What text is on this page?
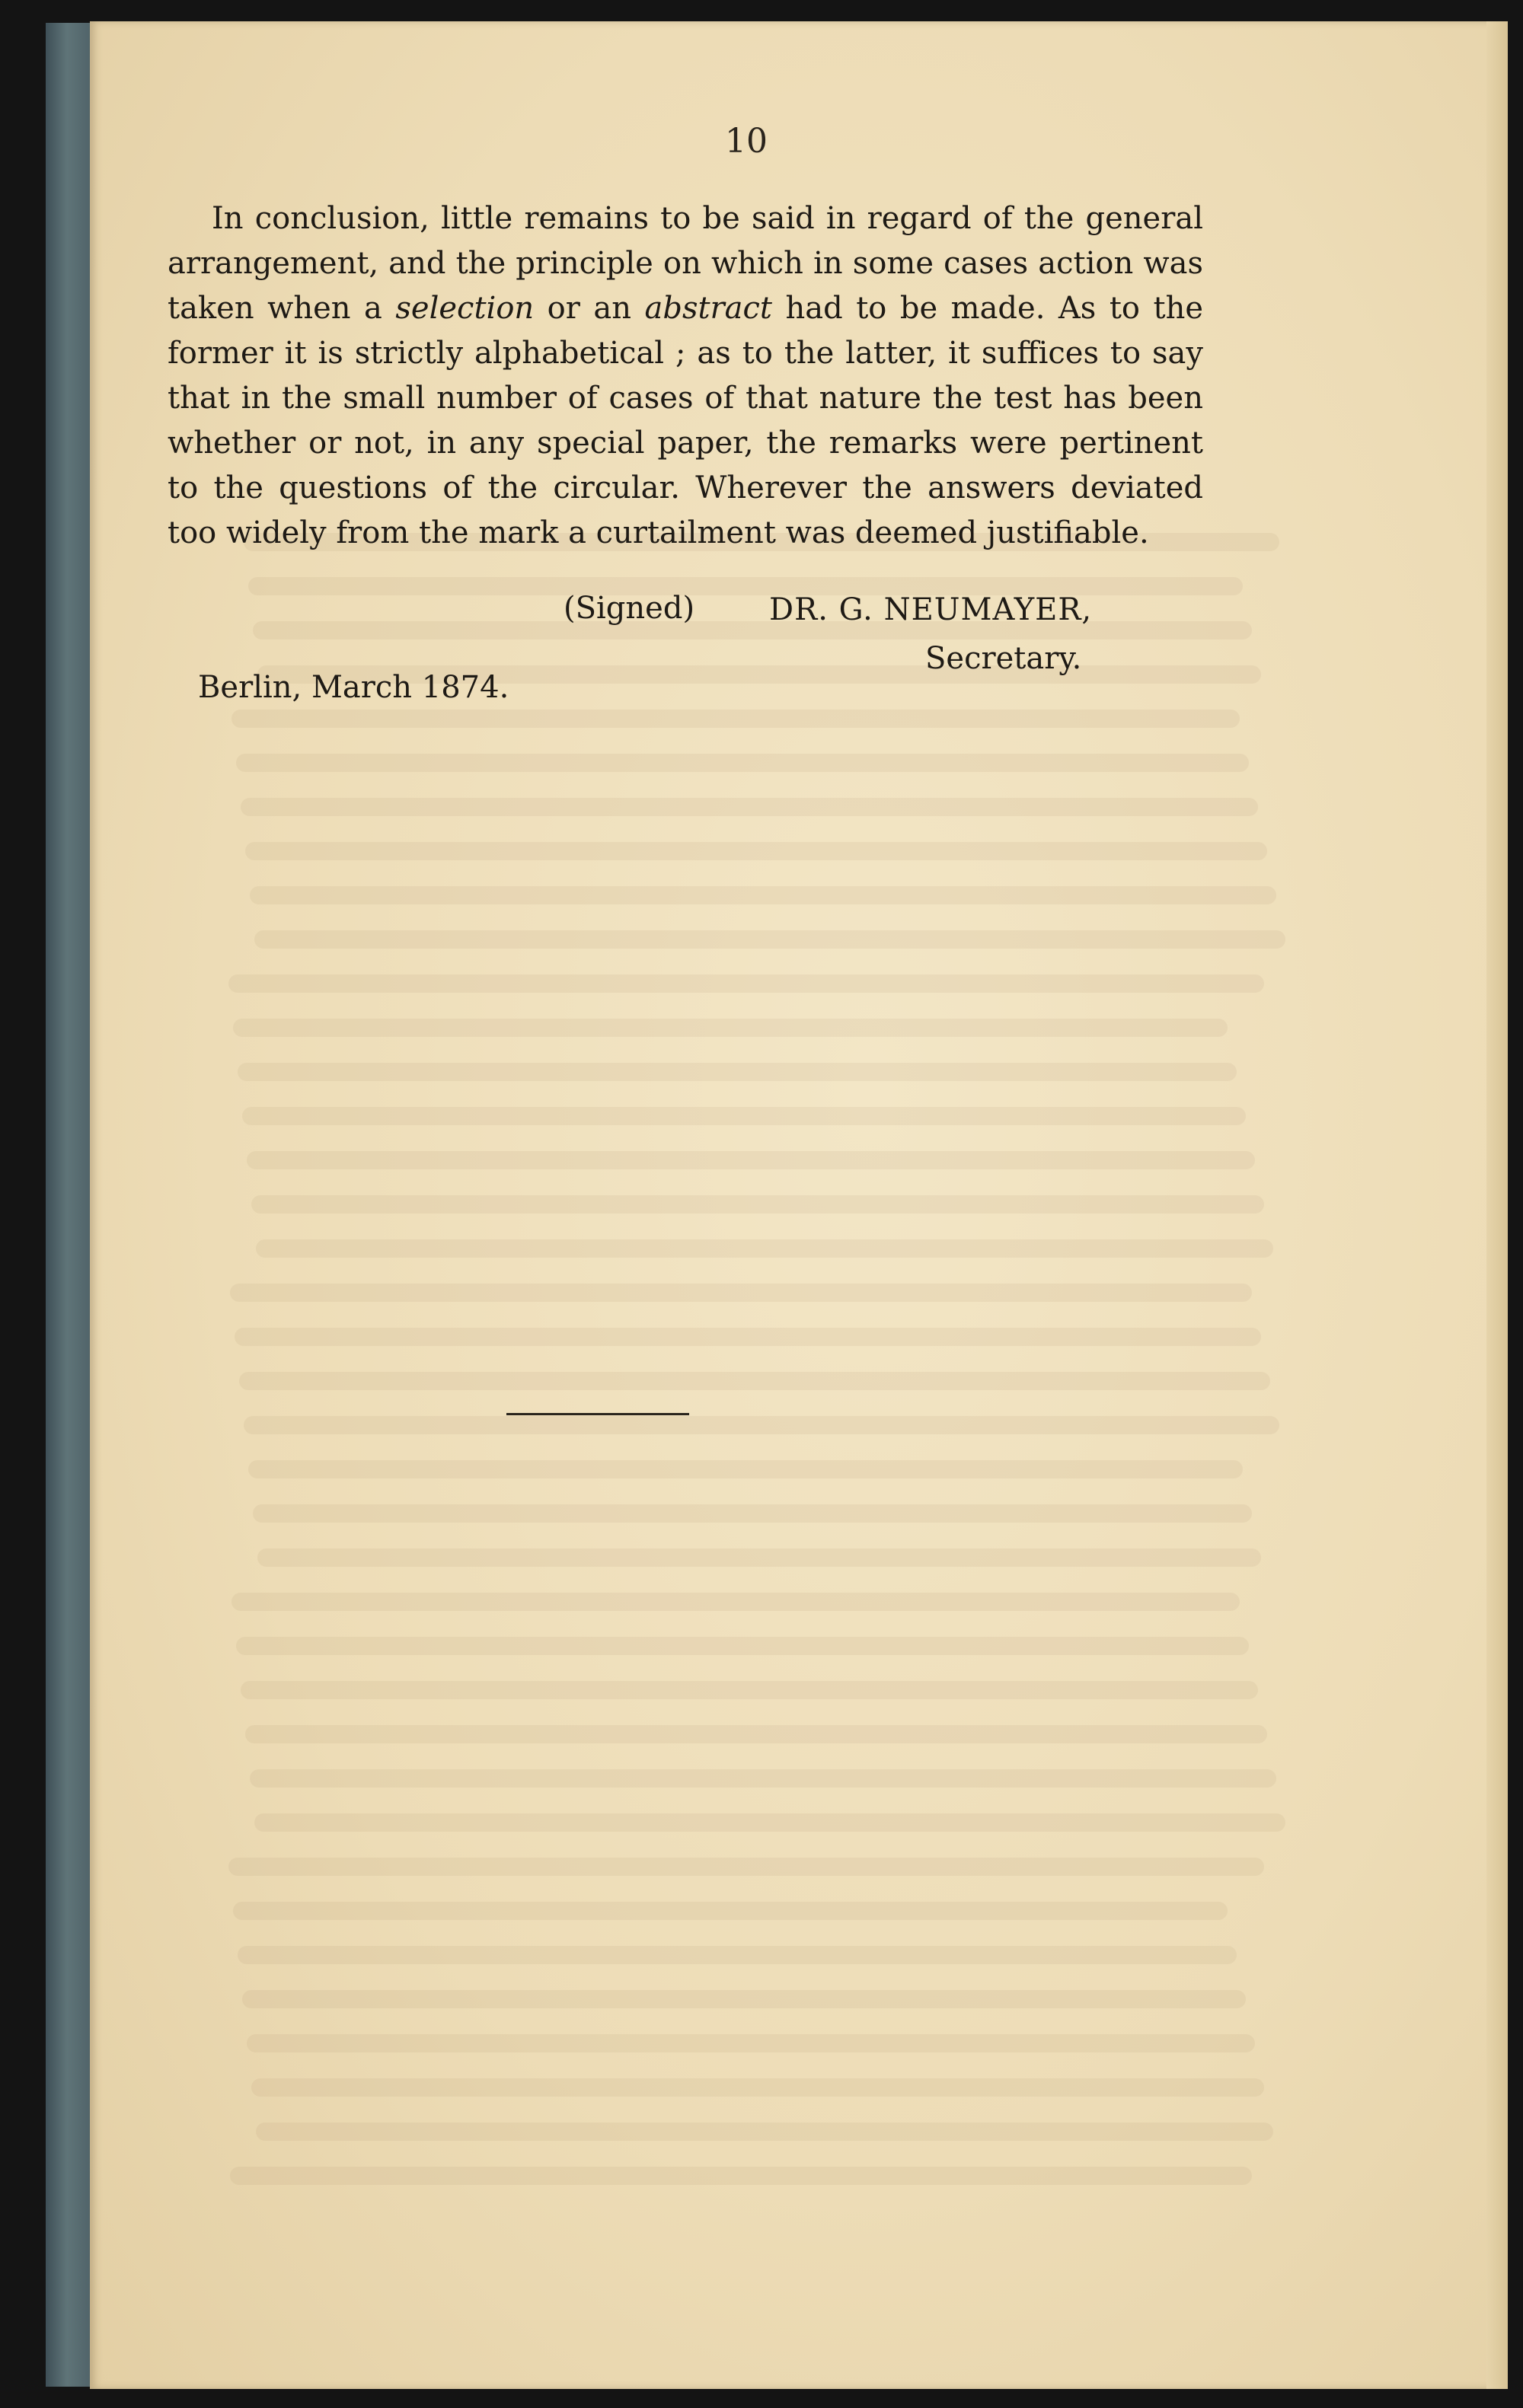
10

In conclusion, little remains to be said in regard of the general arrangement, and the principle on which in some cases action was taken when a selection or an abstract had to be made. As to the former it is strictly alphabetical ; as to the latter, it suffices to say that in the small number of cases of that nature the test has been whether or not, in any special paper, the remarks were pertinent to the questions of the circular. Wherever the answers deviated too widely from the mark a curtailment was deemed justifiable.

(Signed) DR. G. NEUMAYER,
Secretary.
Berlin, March 1874.
